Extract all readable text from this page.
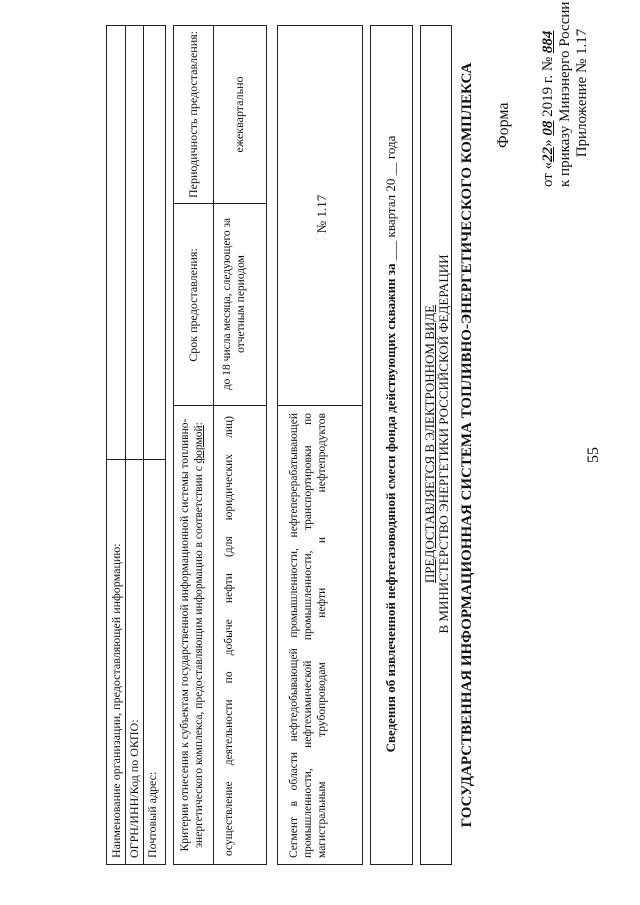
55
Приложение № 1.17
к приказу Минэнерго России
от «22» 08 2019 г. № 884
Форма
ГОСУДАРСТВЕННАЯ ИНФОРМАЦИОННАЯ СИСТЕМА ТОПЛИВНО-ЭНЕРГЕТИЧЕСКОГО КОМПЛЕКСА
ПРЕДОСТАВЛЯЕТСЯ В ЭЛЕКТРОННОМ ВИДЕ В МИНИСТЕРСТВО ЭНЕРГЕТИКИ РОССИЙСКОЙ ФЕДЕРАЦИИ
Сведения об извлеченной нефтегазоводяной смеси фонда действующих скважин за ___ квартал 20 __ года
Сегмент в области нефтедобывающей промышленности, нефтеперерабатывающей промышленности, нефтехимической промышленности, транспортировки по магистральным трубопроводам нефти и нефтепродуктов
№ 1.17
Критерии отнесения к субъектам государственной информационной системы топливно-энергетического комплекса, предоставляющим информацию в соответствии с формой:
Срок предоставления:
Периодичность предоставления:
осуществление деятельности по добыче нефти (для юридических лиц)
до 18 числа месяца, следующего за отчетным периодом
ежеквартально
Наименование организации, предоставляющей информацию: ОГРН/ИНН/Код по ОКПО: Почтовый адрес:
